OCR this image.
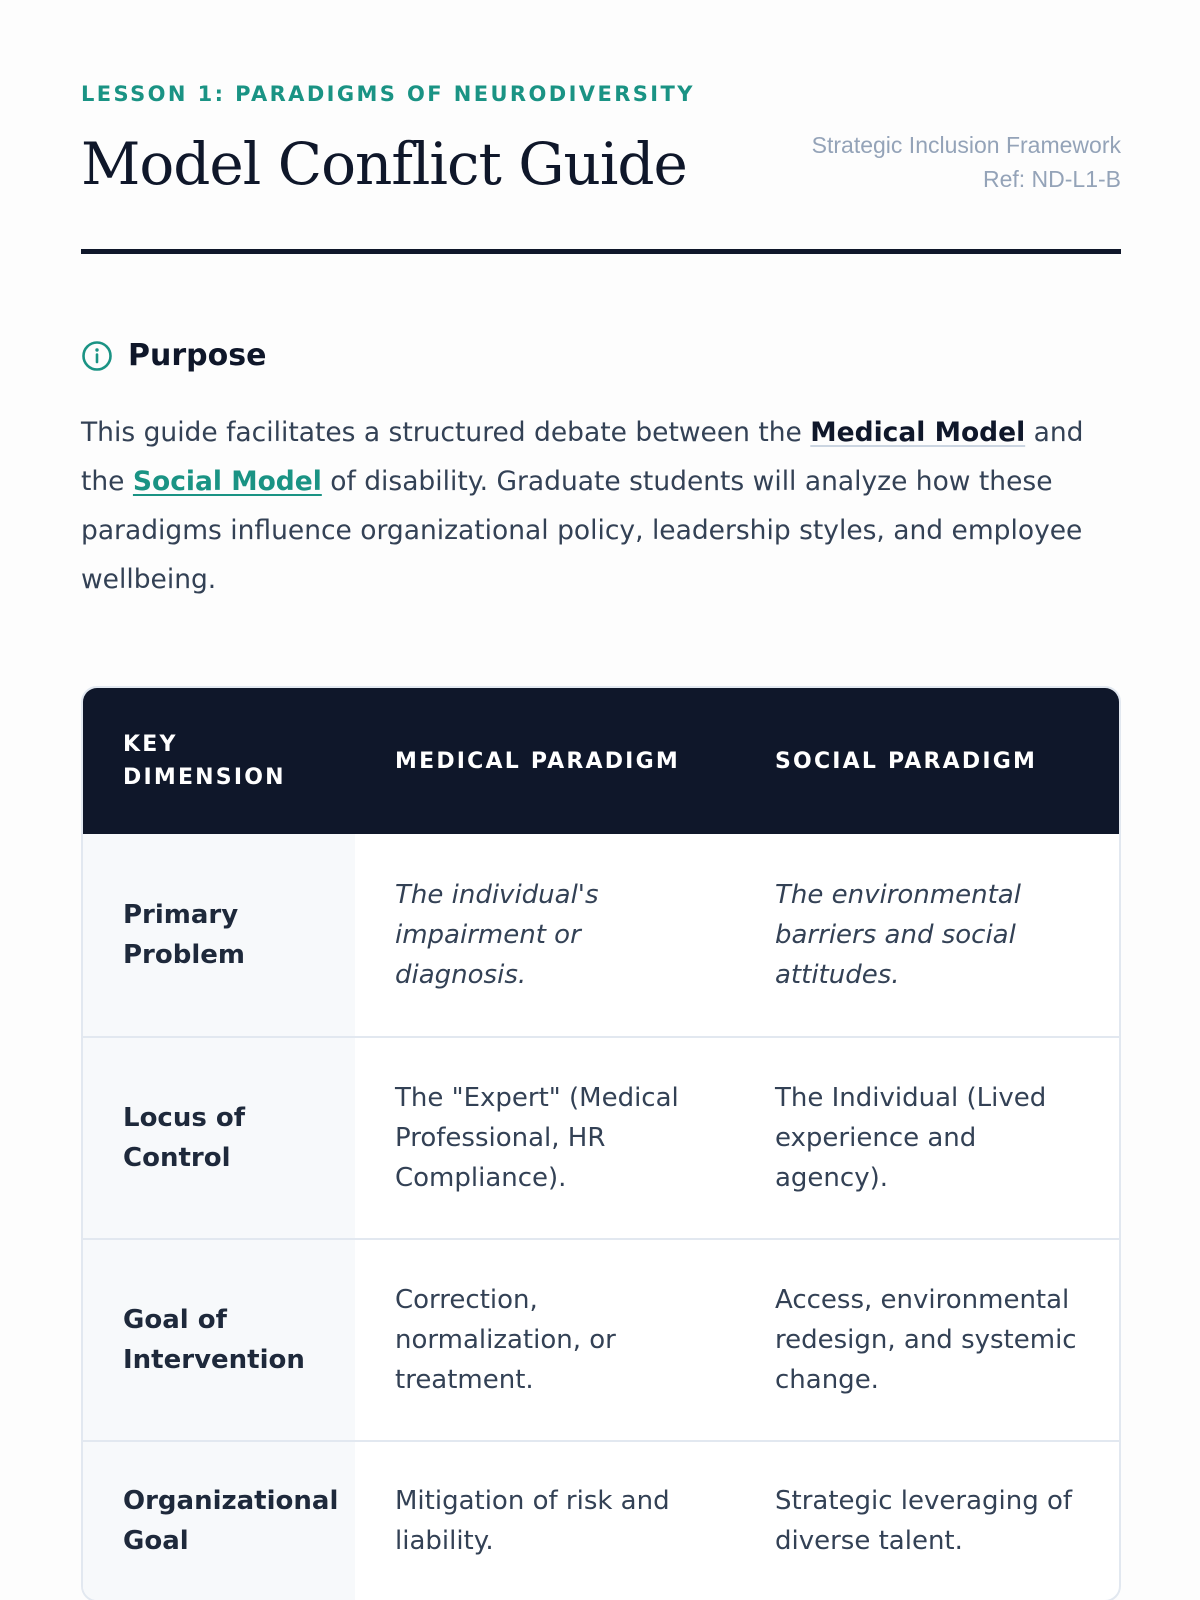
LESSON 1: PARADIGMS OF NEURODIVERSITY
Model Conflict Guide	Strategic Inclusion Framework
Ref: ND-L1-B
Purpose

This guide facilitates a structured debate between the Medical Model and the Social Model of disability. Graduate students will analyze how these paradigms influence organizational policy, leadership styles, and employee wellbeing.

KEY DIMENSION
MEDICAL PARADIGM	SOCIAL PARADIGM
Primary Problem
The individual's impairment or diagnosis.
The environmental barriers and social attitudes.
Locus of Control
The "Expert" (Medical Professional, HR Compliance).
The Individual (Lived experience and agency).
Goal of Intervention
Correction, normalization, or treatment.
Access, environmental redesign, and systemic change.
Organizational Goal
Mitigation of risk and liability.
Strategic leveraging of diverse talent.
